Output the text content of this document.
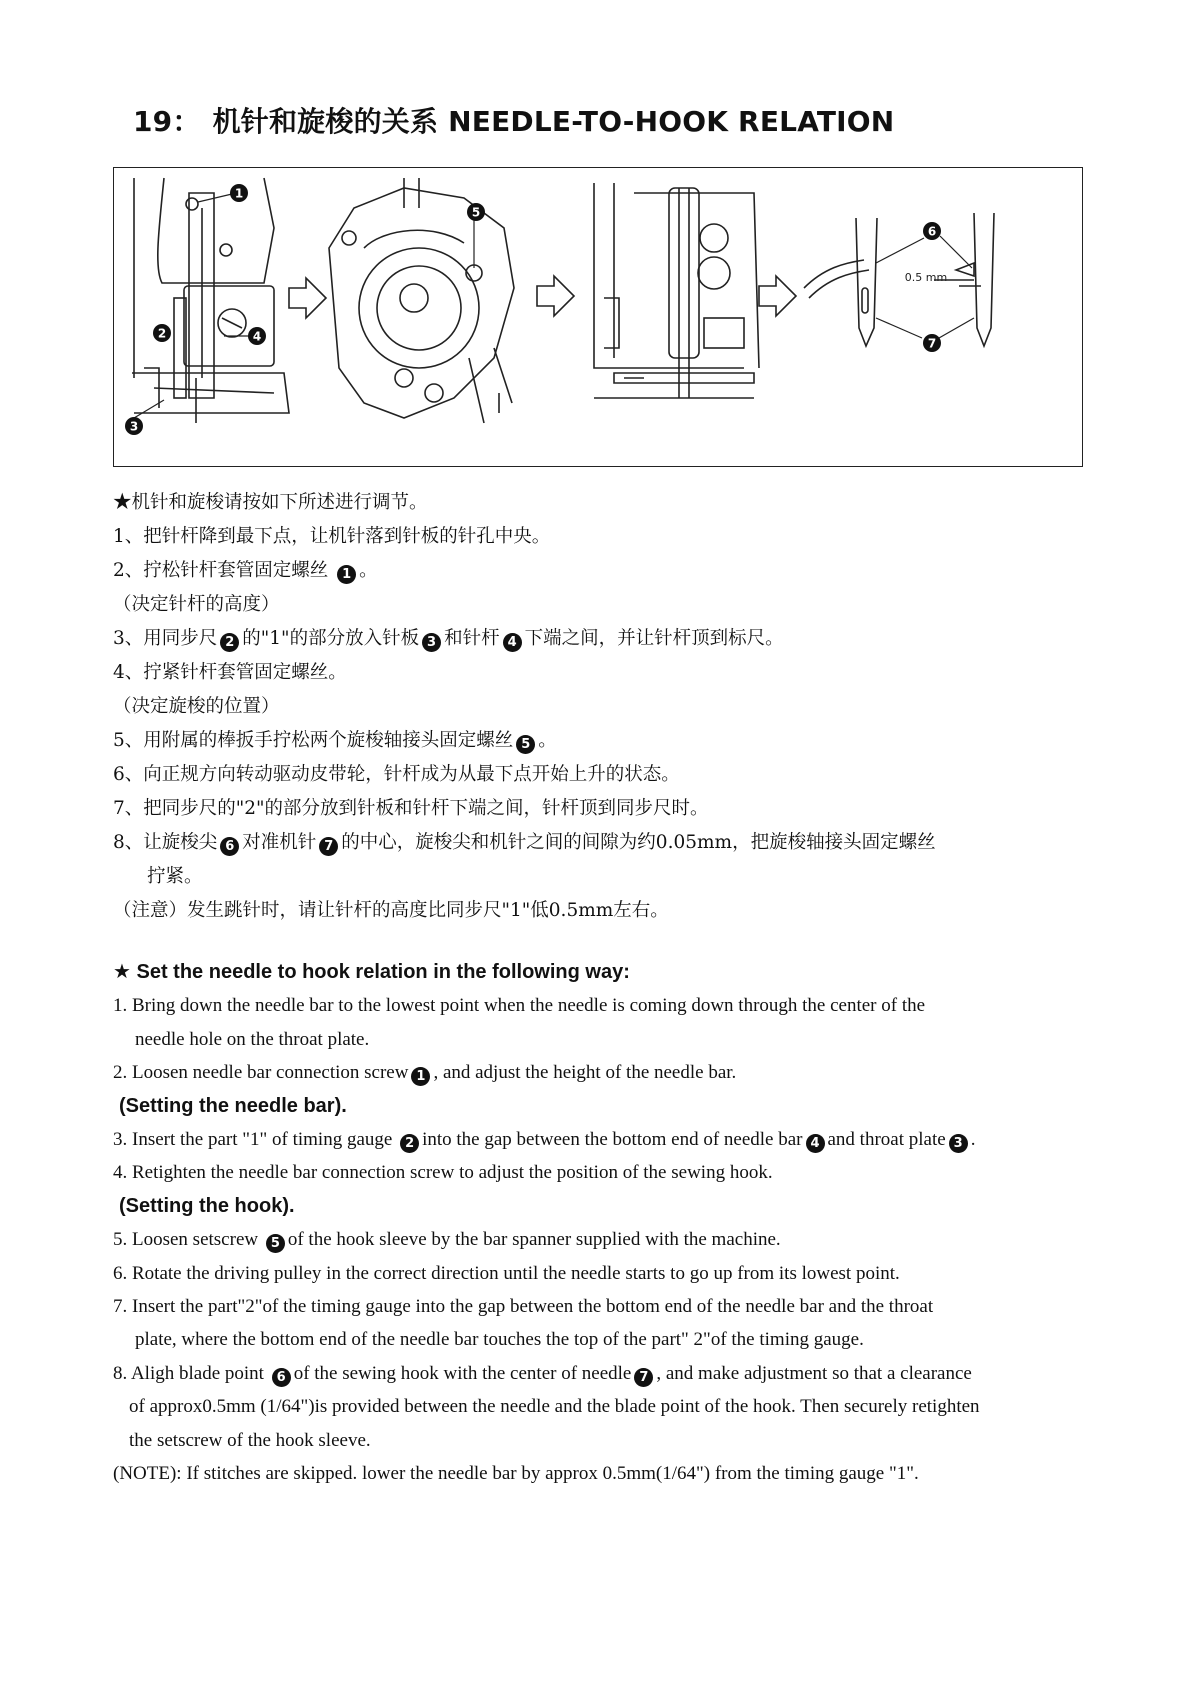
19： 机针和旋梭的关系 NEEDLE-TO-HOOK RELATION
1
2
3
4
5
6
7
0.5 mm
★机针和旋梭请按如下所述进行调节。
1、把针杆降到最下点，让机针落到针板的针孔中央。
2、拧松针杆套管固定螺丝 1 。
（决定针杆的高度）
3、用同步尺 2 的"1"的部分放入针板 3 和针杆 4 下端之间，并让针杆顶到标尺。
4、拧紧针杆套管固定螺丝。
（决定旋梭的位置）
5、用附属的棒扳手拧松两个旋梭轴接头固定螺丝 5 。
6、向正规方向转动驱动皮带轮，针杆成为从最下点开始上升的状态。
7、把同步尺的"2"的部分放到针板和针杆下端之间，针杆顶到同步尺时。
8、让旋梭尖 6 对准机针 7 的中心，旋梭尖和机针之间的间隙为约0.05mm，把旋梭轴接头固定螺丝
拧紧。
（注意）发生跳针时，请让针杆的高度比同步尺"1"低0.5mm左右。
★ Set the needle to hook relation in the following way:
1. Bring down the needle bar to the lowest point when the needle is coming down through the center of the
needle hole on the throat plate.
2. Loosen needle bar connection screw 1 , and adjust the height of the needle bar.
(Setting the needle bar).
3. Insert the part "1" of timing gauge 2 into the gap between the bottom end of needle bar 4 and throat plate 3 .
4. Retighten the needle bar connection screw to adjust the position of the sewing hook.
(Setting the hook).
5. Loosen setscrew 5 of the hook sleeve by the bar spanner supplied with the machine.
6. Rotate the driving pulley in the correct direction until the needle starts to go up from its lowest point.
7. Insert the part"2"of the timing gauge into the gap between the bottom end of the needle bar and the throat
plate, where the bottom end of the needle bar touches the top of the part" 2"of the timing gauge.
8. Aligh blade point 6 of the sewing hook with the center of needle 7 , and make adjustment so that a clearance
of approx0.5mm (1/64")is provided between the needle and the blade point of the hook. Then securely retighten
the setscrew of the hook sleeve.
(NOTE): If stitches are skipped. lower the needle bar by approx 0.5mm(1/64") from the timing gauge "1".
